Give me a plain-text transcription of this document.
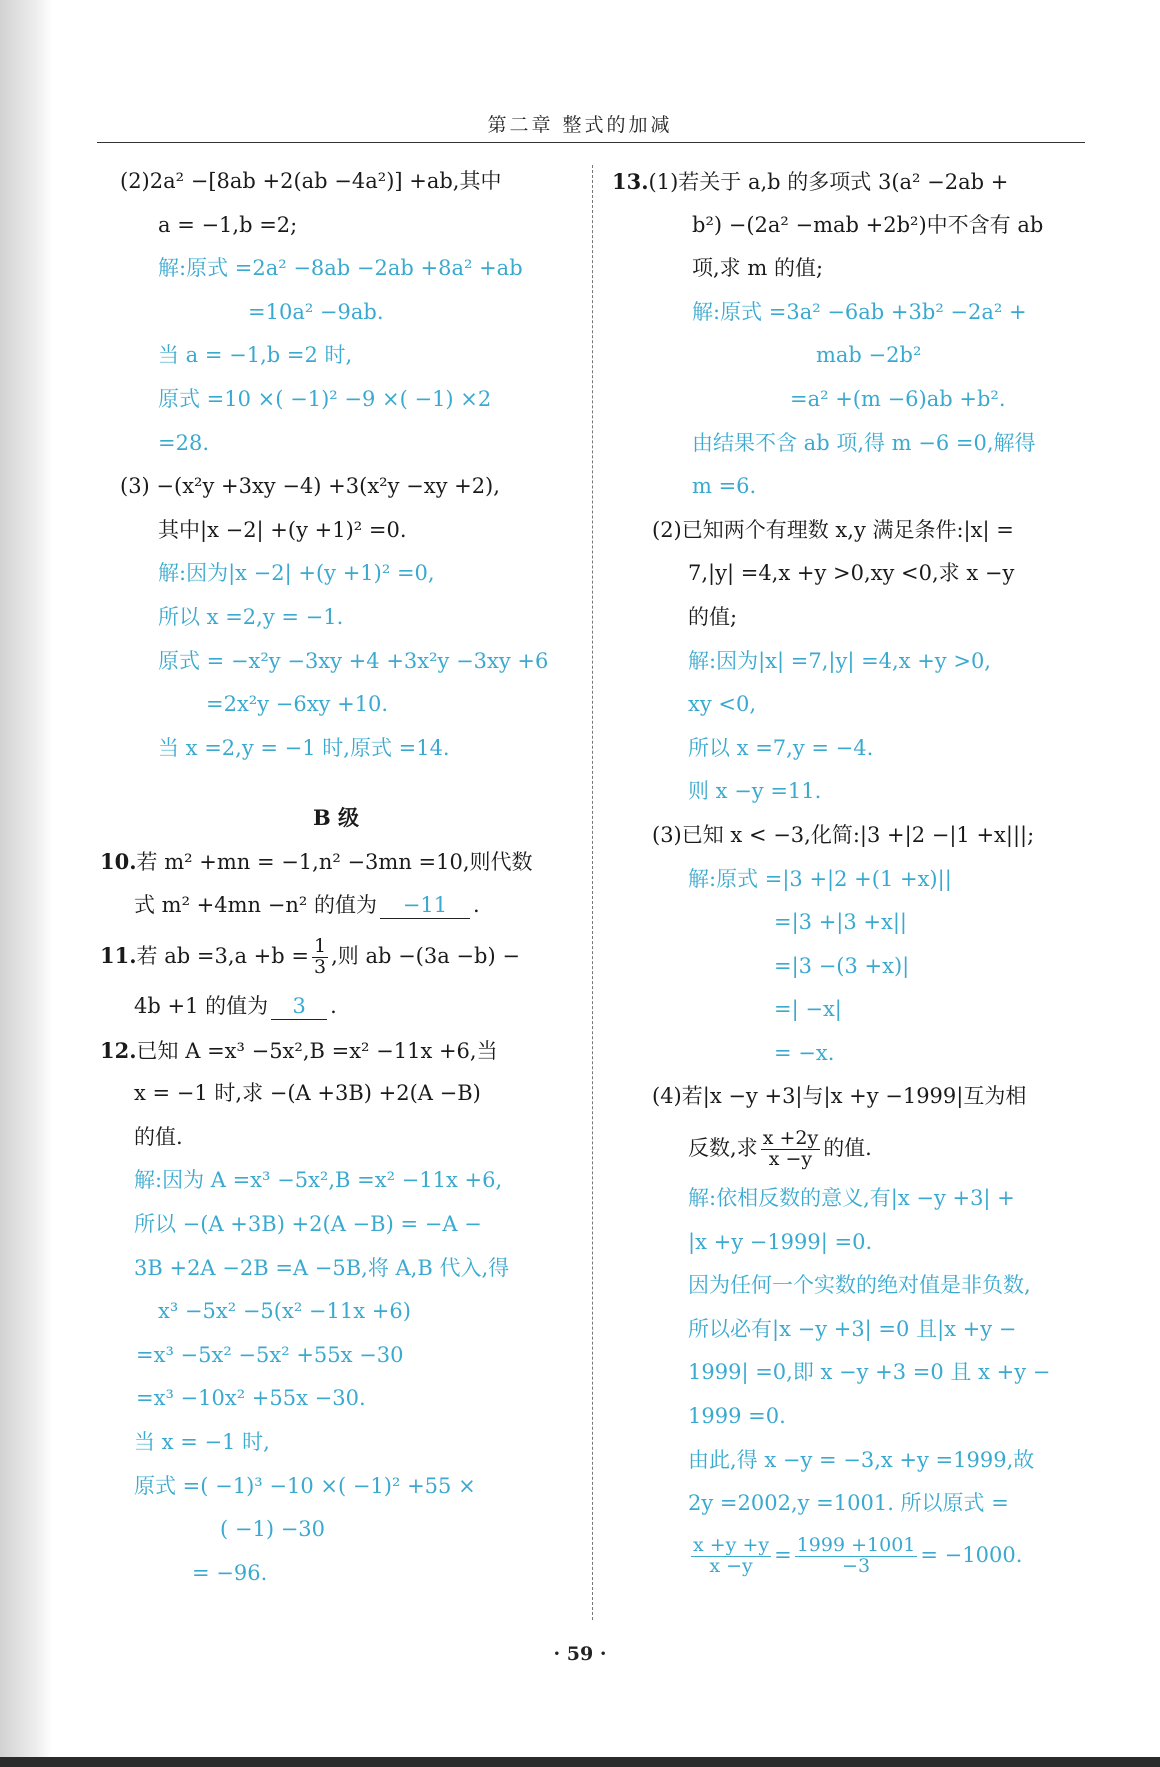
第二章 整式的加减
(2)2a² −[8ab +2(ab −4a²)] +ab,其中
a = −1,b =2;
解:原式 =2a² −8ab −2ab +8a² +ab
=10a² −9ab.
当 a = −1,b =2 时,
原式 =10 ×( −1)² −9 ×( −1) ×2
=28.
(3) −(x²y +3xy −4) +3(x²y −xy +2),
其中|x −2| +(y +1)² =0.
解:因为|x −2| +(y +1)² =0,
所以 x =2,y = −1.
原式 = −x²y −3xy +4 +3x²y −3xy +6
=2x²y −6xy +10.
当 x =2,y = −1 时,原式 =14.
B 级
10.若 m² +mn = −1,n² −3mn =10,则代数
式 m² +4mn −n² 的值为 −11 .
11.若 ab $=3,a +b = \frac{1}{3}$ ,则 ab −(3a −b) −
4b +1 的值为 3 .
12.已知 A =x³ −5x²,B =x² −11x +6,当
x = −1 时,求 −(A +3B) +2(A −B)
的值.
解:因为 A =x³ −5x²,B =x² −11x +6,
所以 −(A +3B) +2(A −B) = −A −
3B +2A −2B =A −5B,将 A,B 代入,得
x³ −5x² −5(x² −11x +6)
=x³ −5x² −5x² +55x −30
=x³ −10x² +55x −30.
当 x = −1 时,
原式 =( −1)³ −10 ×( −1)² +55 ×
( −1) −30
= −96.
13.(1)若关于 a,b 的多项式 3(a² −2ab +
b²) −(2a² −mab +2b²)中不含有 ab
项,求 m 的值;
解:原式 =3a² −6ab +3b² −2a² +
mab −2b²
=a² +(m −6)ab +b².
由结果不含 ab 项,得 m −6 =0,解得
m =6.
(2)已知两个有理数 x,y 满足条件:|x| =
7,|y| =4,x +y >0,xy <0,求 x −y
的值;
解:因为|x| =7,|y| =4,x +y >0,
xy <0,
所以 x =7,y = −4.
则 x −y =11.
(3)已知 x < −3,化简:|3 +|2 −|1 +x|||;
解:原式 =|3 +|2 +(1 +x)||
=|3 +|3 +x||
=|3 −(3 +x)|
=| −x|
= −x.
(4)若|x −y +3|与|x +y −1999|互为相
反数,求 $\frac{x +2y}{x -y}$ 的值.
解:依相反数的意义,有|x −y +3| +
|x +y −1999| =0.
因为任何一个实数的绝对值是非负数,
所以必有|x −y +3| =0 且|x +y −
1999| =0,即 x −y +3 =0 且 x +y −
1999 =0.
由此,得 x −y = −3,x +y =1999,故
2y =2002,y =1001. 所以原式 =
$\frac{x +y +y}{x -y} = \frac{1999 +1001}{-3} = -1000$.
· 59 ·
